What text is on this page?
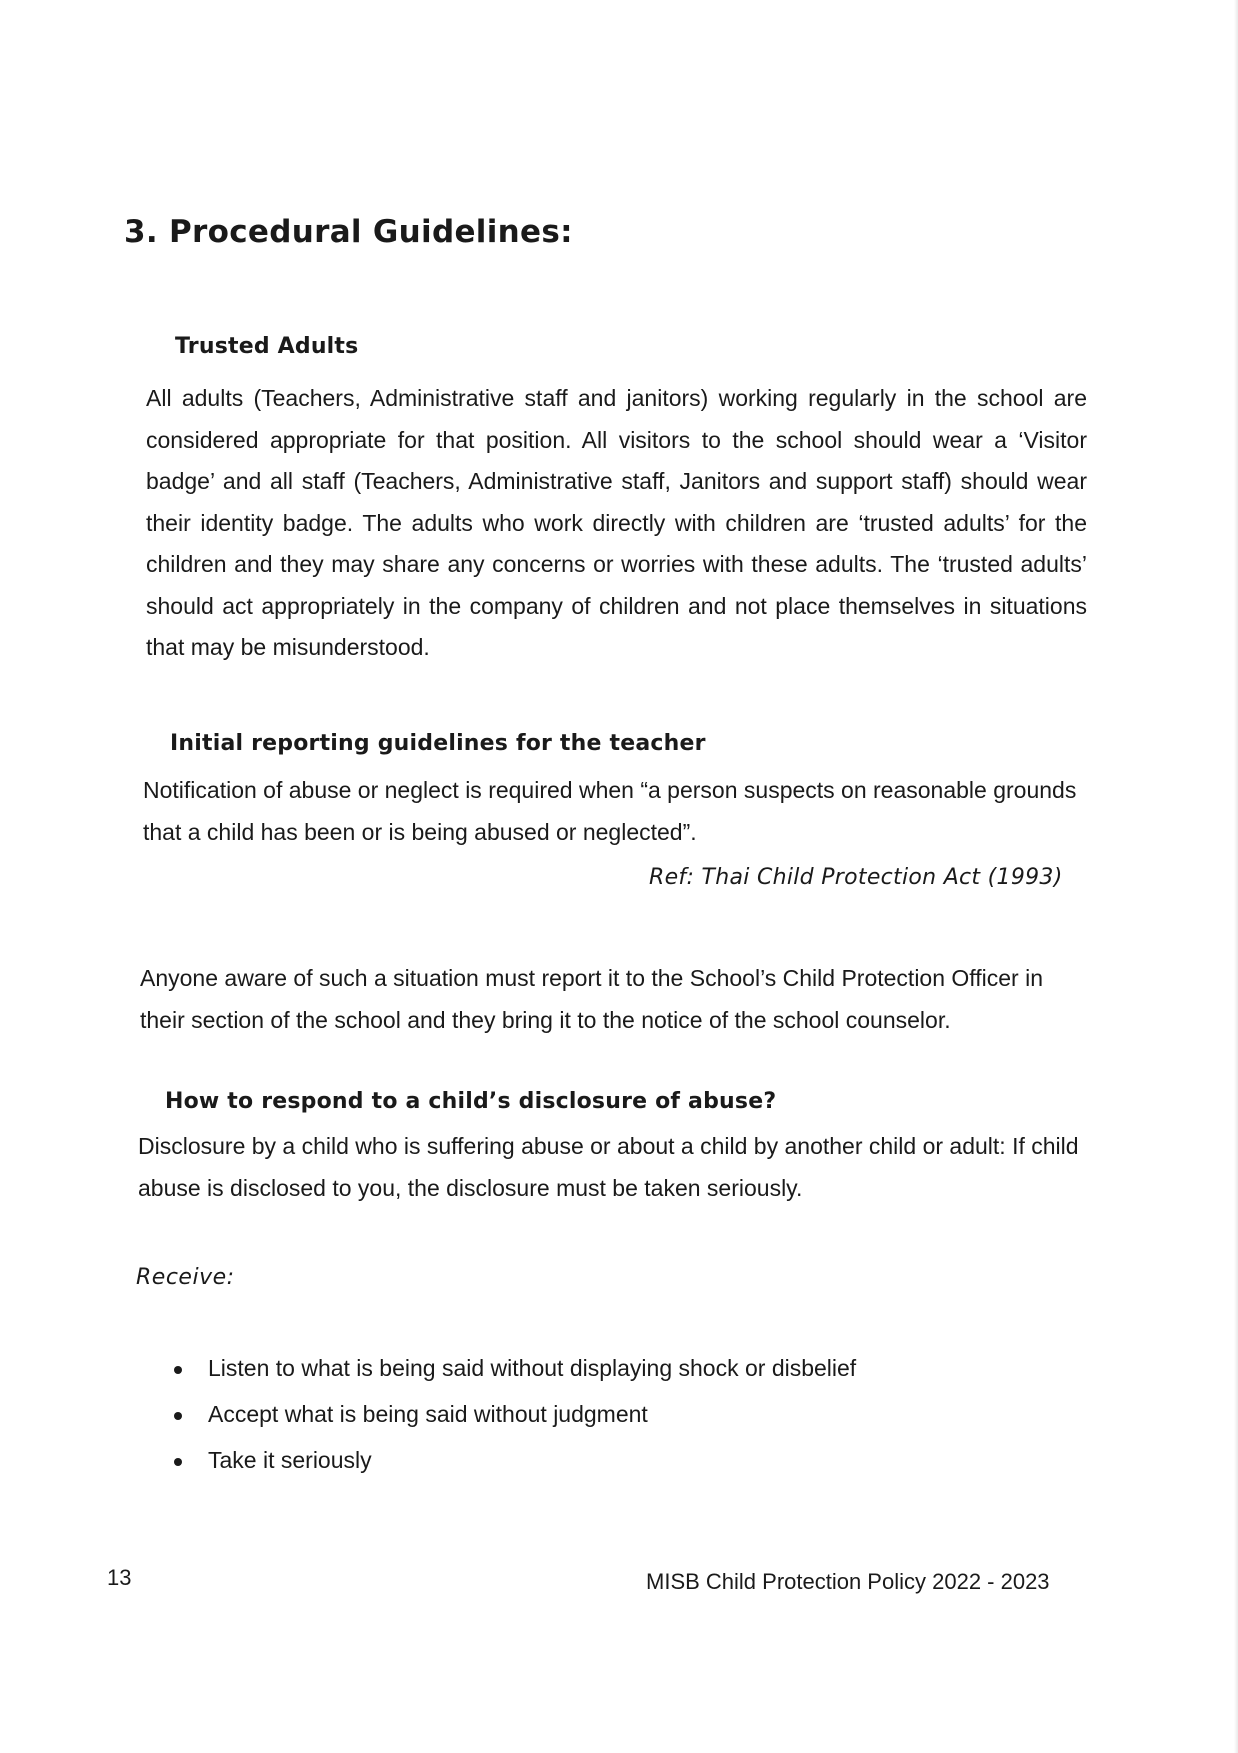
3. Procedural Guidelines:
Trusted Adults
All adults (Teachers, Administrative staff and janitors) working regularly in the school are considered appropriate for that position. All visitors to the school should wear a ‘Visitor badge’ and all staff (Teachers, Administrative staff, Janitors and support staff) should wear their identity badge. The adults who work directly with children are ‘trusted adults’ for the children and they may share any concerns or worries with these adults. The ‘trusted adults’ should act appropriately in the company of children and not place themselves in situations that may be misunderstood.
Initial reporting guidelines for the teacher
Notification of abuse or neglect is required when “a person suspects on reasonable grounds that a child has been or is being abused or neglected”.
Ref: Thai Child Protection Act (1993)
Anyone aware of such a situation must report it to the School’s Child Protection Officer in their section of the school and they bring it to the notice of the school counselor.
How to respond to a child’s disclosure of abuse?
Disclosure by a child who is suffering abuse or about a child by another child or adult: If child abuse is disclosed to you, the disclosure must be taken seriously.
Receive:
Listen to what is being said without displaying shock or disbelief
Accept what is being said without judgment
Take it seriously
13	MISB Child Protection Policy 2022 - 2023
